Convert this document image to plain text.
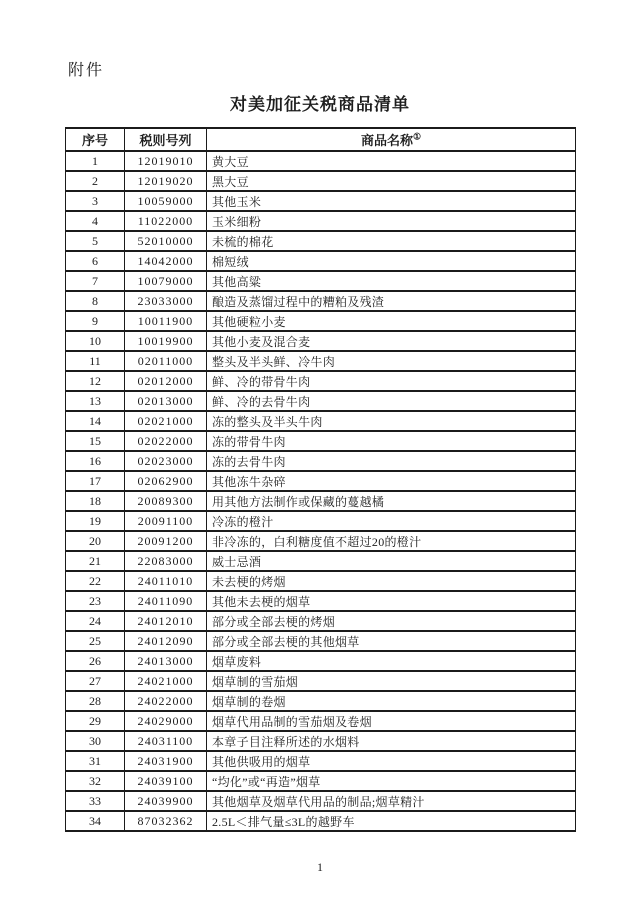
附件
对美加征关税商品清单
序号	税则号列	商品名称①
1	12019010	黄大豆
2	12019020	黑大豆
3	10059000	其他玉米
4	11022000	玉米细粉
5	52010000	未梳的棉花
6	14042000	棉短绒
7	10079000	其他高粱
8	23033000	酿造及蒸馏过程中的糟粕及残渣
9	10011900	其他硬粒小麦
10	10019900	其他小麦及混合麦
11	02011000	整头及半头鲜、冷牛肉
12	02012000	鲜、冷的带骨牛肉
13	02013000	鲜、冷的去骨牛肉
14	02021000	冻的整头及半头牛肉
15	02022000	冻的带骨牛肉
16	02023000	冻的去骨牛肉
17	02062900	其他冻牛杂碎
18	20089300	用其他方法制作或保藏的蔓越橘
19	20091100	冷冻的橙汁
20	20091200	非冷冻的，白利糖度值不超过20的橙汁
21	22083000	威士忌酒
22	24011010	未去梗的烤烟
23	24011090	其他未去梗的烟草
24	24012010	部分或全部去梗的烤烟
25	24012090	部分或全部去梗的其他烟草
26	24013000	烟草废料
27	24021000	烟草制的雪茄烟
28	24022000	烟草制的卷烟
29	24029000	烟草代用品制的雪茄烟及卷烟
30	24031100	本章子目注释所述的水烟料
31	24031900	其他供吸用的烟草
32	24039100	“均化”或“再造”烟草
33	24039900	其他烟草及烟草代用品的制品;烟草精汁
34	87032362	2.5L＜排气量≤3L的越野车
1
